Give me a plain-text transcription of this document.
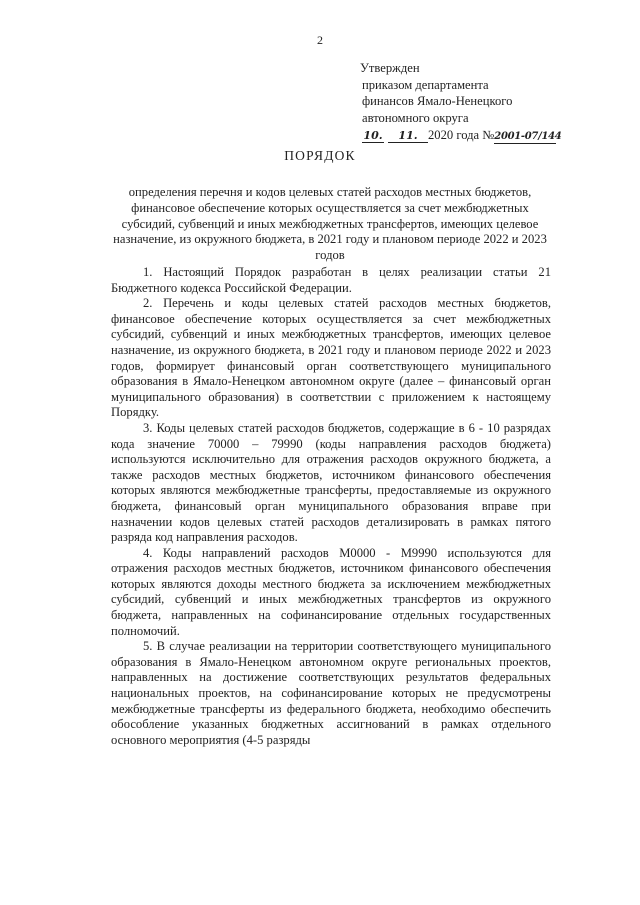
2
Утвержден
приказом департамента
финансов Ямало-Ненецкого
автономного округа
10. 11. 2020 года №2001-07/144
ПОРЯДОК
определения перечня и кодов целевых статей расходов местных бюджетов, финансовое обеспечение которых осуществляется за счет межбюджетных субсидий, субвенций и иных межбюджетных трансфертов, имеющих целевое назначение, из окружного бюджета, в 2021 году и плановом периоде 2022 и 2023 годов

1. Настоящий Порядок разработан в целях реализации статьи 21 Бюджетного кодекса Российской Федерации.

2. Перечень и коды целевых статей расходов местных бюджетов, финансовое обеспечение которых осуществляется за счет межбюджетных субсидий, субвенций и иных межбюджетных трансфертов, имеющих целевое назначение, из окружного бюджета, в 2021 году и плановом периоде 2022 и 2023 годов, формирует финансовый орган соответствующего муниципального образования в Ямало-Ненецком автономном округе (далее – финансовый орган муниципального образования) в соответствии с приложением к настоящему Порядку.

3. Коды целевых статей расходов бюджетов, содержащие в 6 - 10 разрядах кода значение 70000 – 79990 (коды направления расходов бюджета) используются исключительно для отражения расходов окружного бюджета, а также расходов местных бюджетов, источником финансового обеспечения которых являются межбюджетные трансферты, предоставляемые из окружного бюджета, финансовый орган муниципального образования вправе при назначении кодов целевых статей расходов детализировать в рамках пятого разряда код направления расходов.

4. Коды направлений расходов М0000 - М9990 используются для отражения расходов местных бюджетов, источником финансового обеспечения которых являются доходы местного бюджета за исключением межбюджетных субсидий, субвенций и иных межбюджетных трансфертов из окружного бюджета, направленных на софинансирование отдельных государственных полномочий.

5. В случае реализации на территории соответствующего муниципального образования в Ямало-Ненецком автономном округе региональных проектов, направленных на достижение соответствующих результатов федеральных национальных проектов, на софинансирование которых не предусмотрены межбюджетные трансферты из федерального бюджета, необходимо обеспечить обособление указанных бюджетных ассигнований в рамках отдельного основного мероприятия (4-5 разряды
